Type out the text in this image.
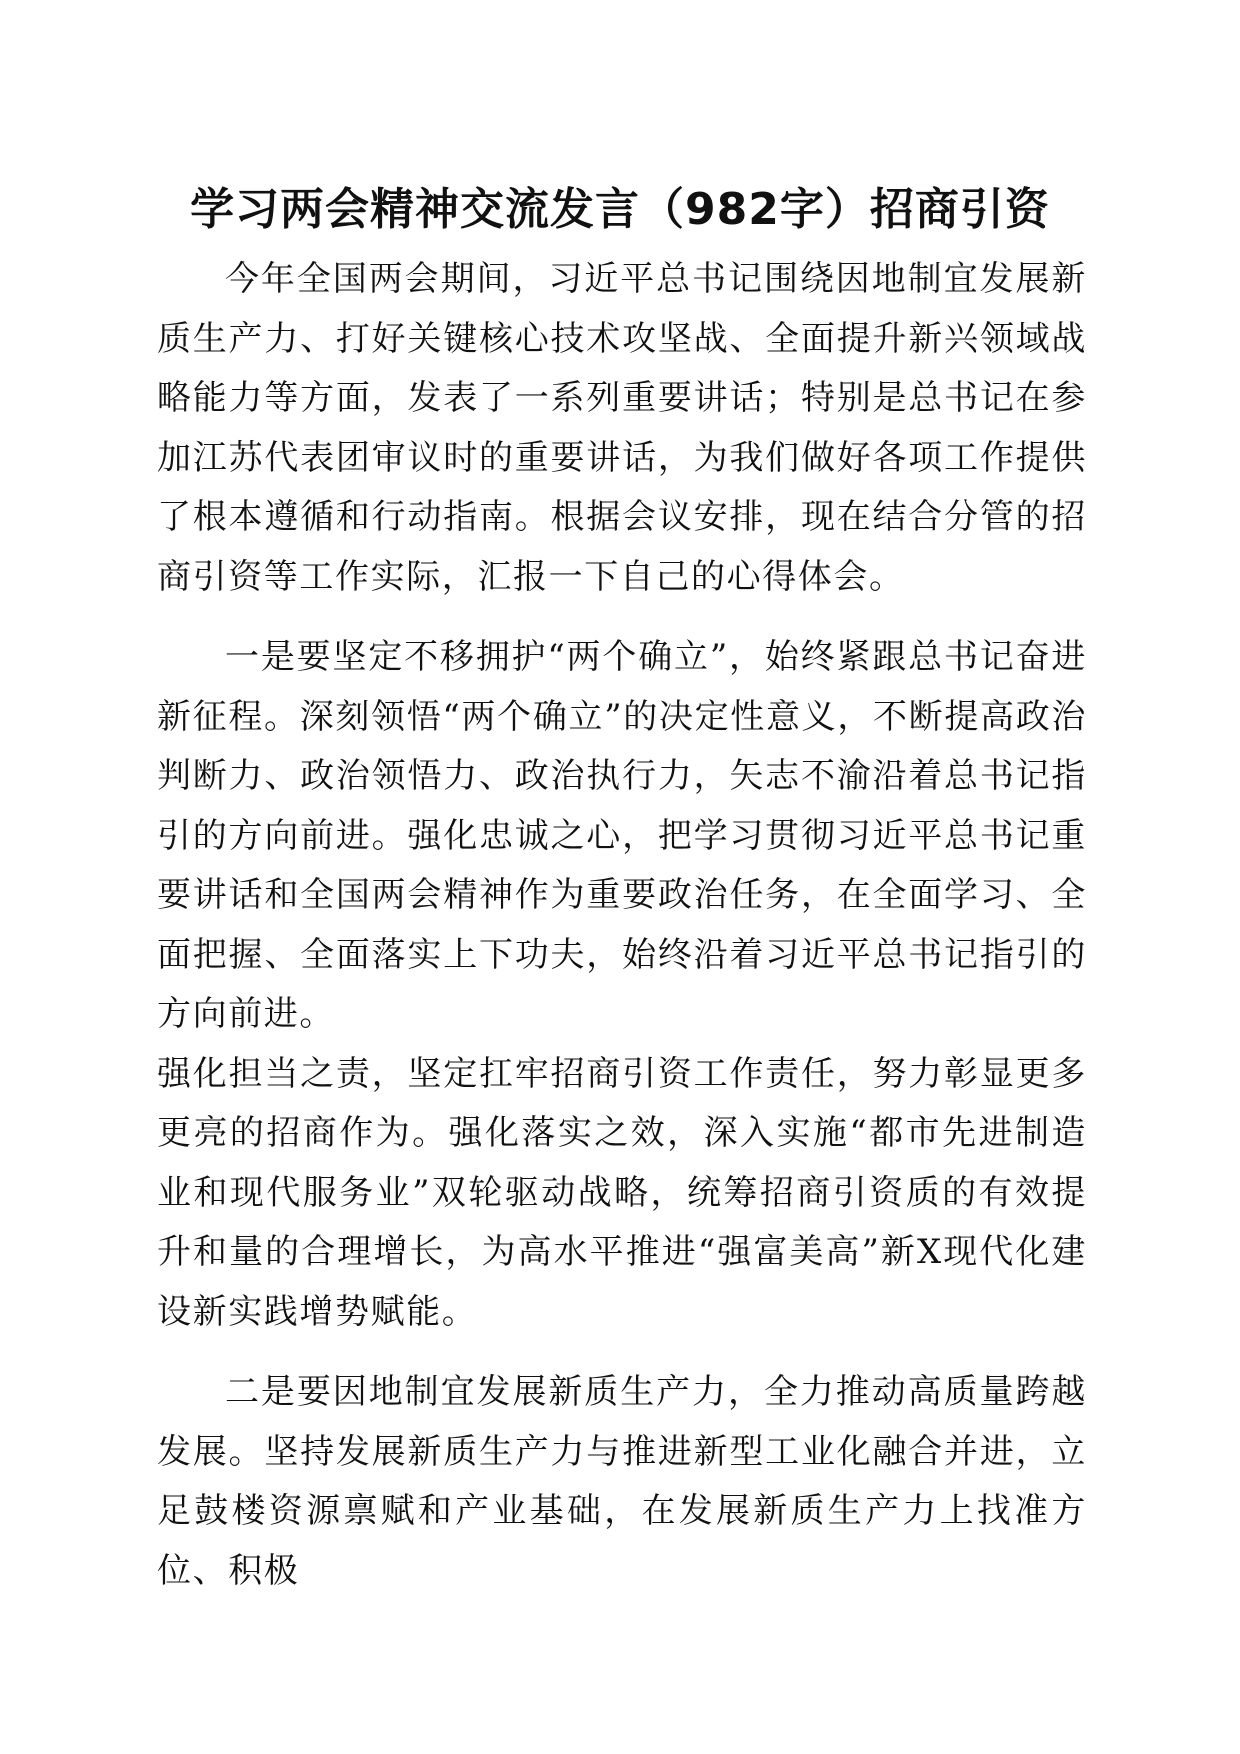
学习两会精神交流发言（982字）招商引资

今年全国两会期间，习近平总书记围绕因地制宜发展新质生产力、打好关键核心技术攻坚战、全面提升新兴领域战略能力等方面，发表了一系列重要讲话；特别是总书记在参加江苏代表团审议时的重要讲话，为我们做好各项工作提供了根本遵循和行动指南。根据会议安排，现在结合分管的招商引资等工作实际，汇报一下自己的心得体会。

一是要坚定不移拥护“两个确立”，始终紧跟总书记奋进新征程。深刻领悟“两个确立”的决定性意义，不断提高政治判断力、政治领悟力、政治执行力，矢志不渝沿着总书记指引的方向前进。强化忠诚之心，把学习贯彻习近平总书记重要讲话和全国两会精神作为重要政治任务，在全面学习、全面把握、全面落实上下功夫，始终沿着习近平总书记指引的方向前进。

强化担当之责，坚定扛牢招商引资工作责任，努力彰显更多更亮的招商作为。强化落实之效，深入实施“都市先进制造业和现代服务业”双轮驱动战略，统筹招商引资质的有效提升和量的合理增长，为高水平推进“强富美高”新X现代化建设新实践增势赋能。

二是要因地制宜发展新质生产力，全力推动高质量跨越发展。坚持发展新质生产力与推进新型工业化融合并进，立足鼓楼资源禀赋和产业基础，在发展新质生产力上找准方位、积极
